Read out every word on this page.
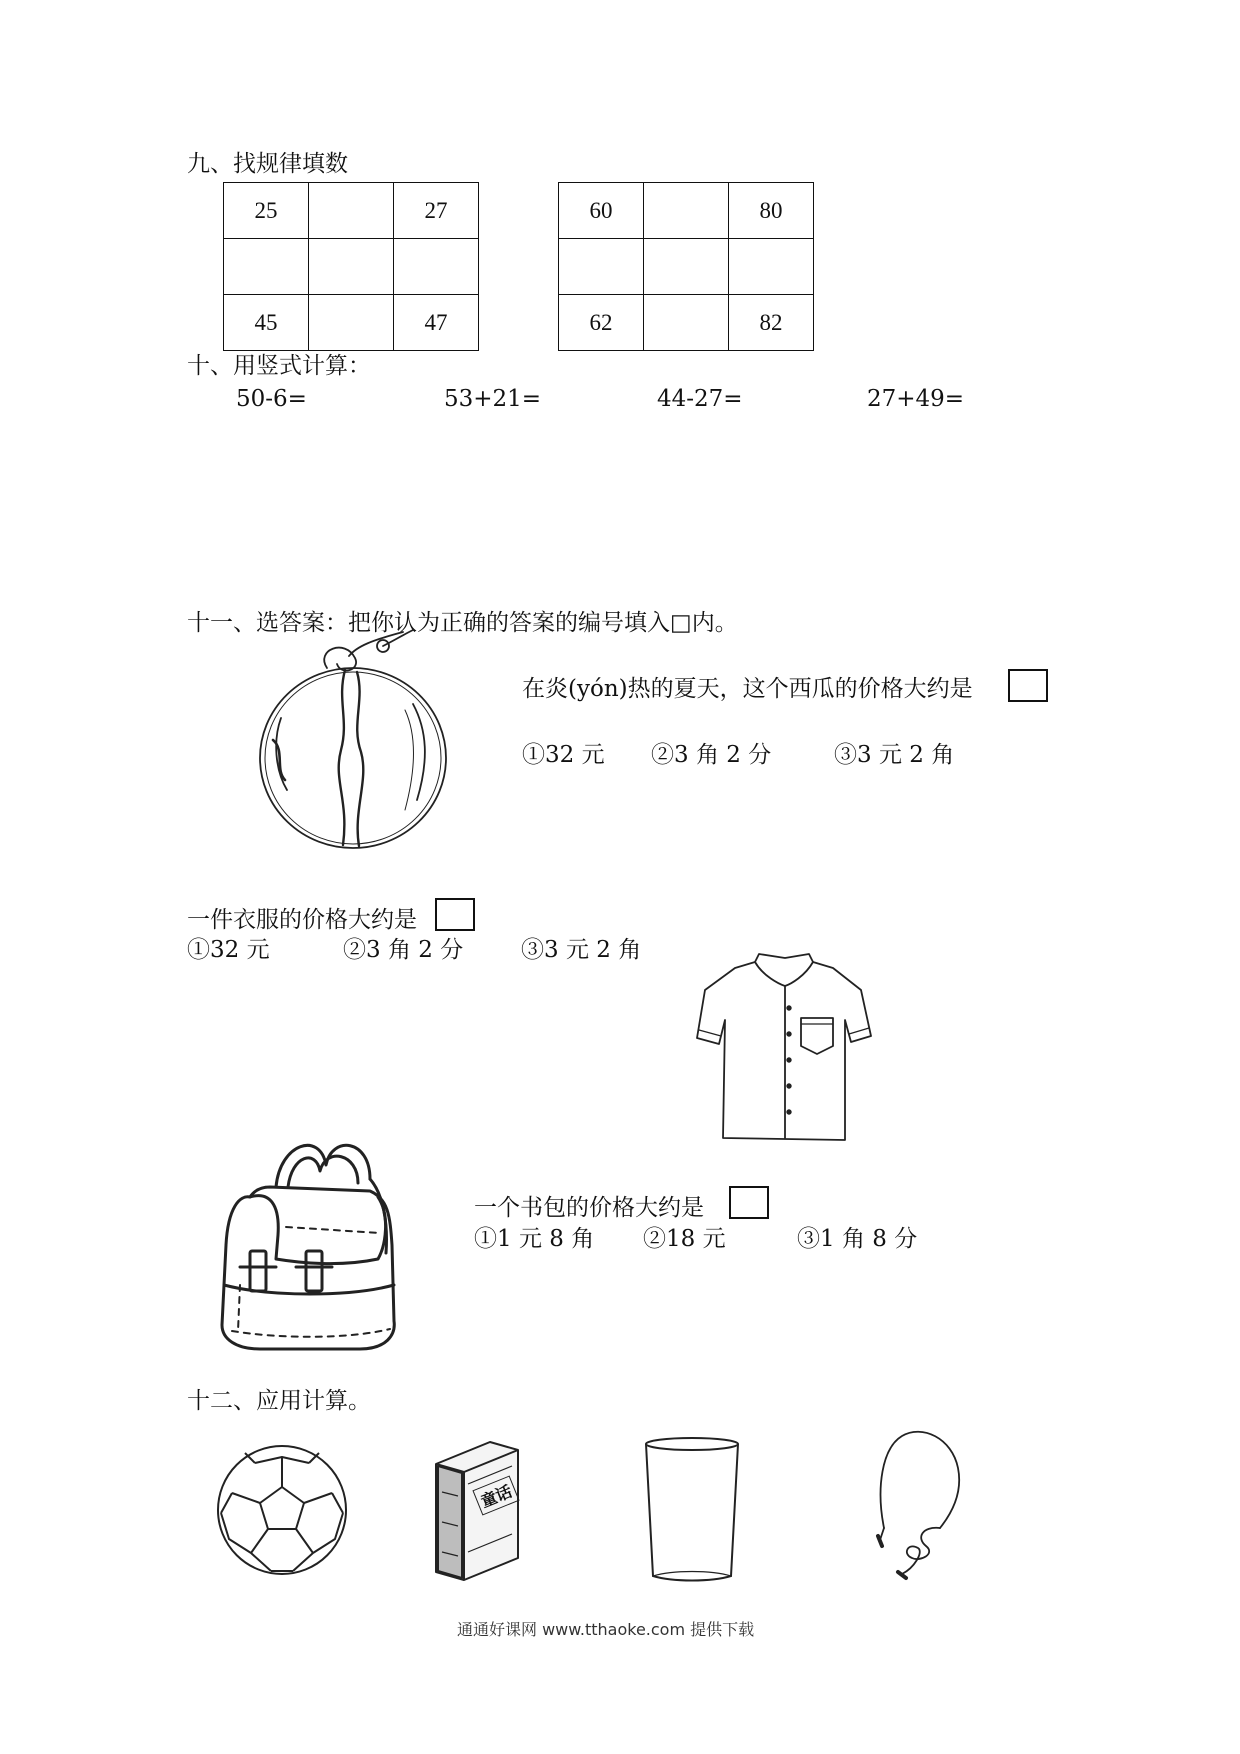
九、找规律填数
25		27

45		47
60		80

62		82
十、用竖式计算：
50-6=	53+21=	44-27=	27+49=
十一、选答案：把你认为正确的答案的编号填入□内。
在炎(yón)热的夏天，这个西瓜的价格大约是
①32 元 ②3 角 2 分	③3 元 2 角
一件衣服的价格大约是
①32 元	②3 角 2 分	③3 元 2 角
一个书包的价格大约是
①1 元 8 角 ②18 元	③1 角 8 分
十二、应用计算。
童话
通通好课网 www.tthaoke.com 提供下载
